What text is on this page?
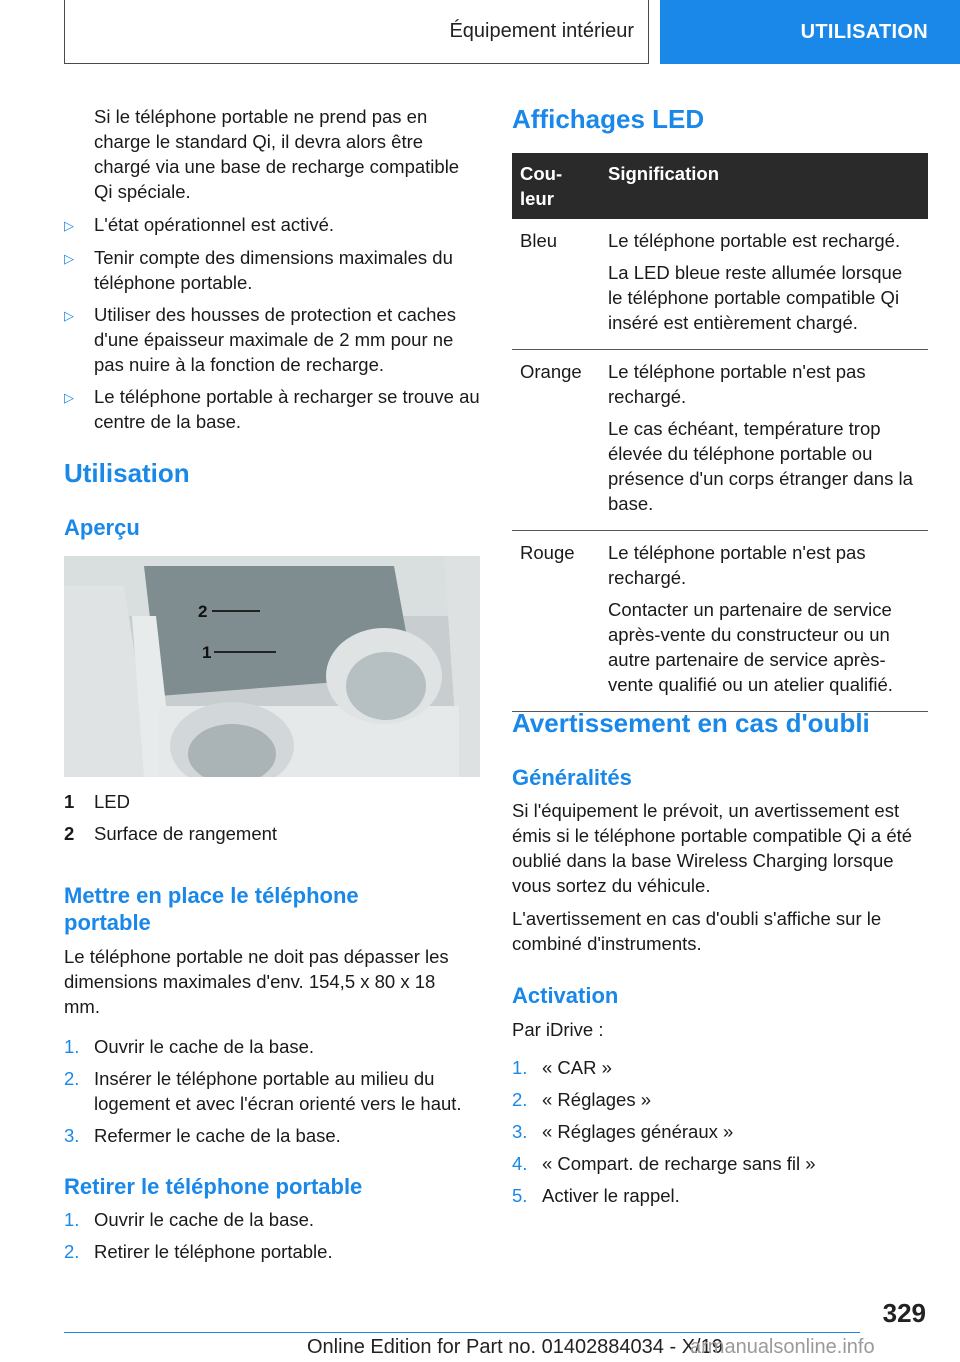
Équipement intérieur	UTILISATION

Si le téléphone portable ne prend pas en charge le standard Qi, il devra alors être chargé via une base de recharge compatible Qi spéciale.

▷	L'état opérationnel est activé.
▷	Tenir compte des dimensions maximales du téléphone portable.
▷	Utiliser des housses de protection et caches d'une épaisseur maximale de 2 mm pour ne pas nuire à la fonction de recharge.
▷	Le téléphone portable à recharger se trouve au centre de la base.
Utilisation
Aperçu
2
1
1	LED
2	Surface de rangement
Mettre en place le téléphone portable

Le téléphone portable ne doit pas dépasser les dimensions maximales d'env. 154,5 x 80 x 18 mm.

1. Ouvrir le cache de la base.
2. Insérer le téléphone portable au milieu du logement et avec l'écran orienté vers le haut.
3. Refermer le cache de la base.
Retirer le téléphone portable
1. Ouvrir le cache de la base.
2. Retirer le téléphone portable.
Affichages LED
Cou-leur	Signification
Bleu	Le téléphone portable est rechargé.

La LED bleue reste allumée lorsque le téléphone portable compatible Qi inséré est entièrement chargé.

Orange	Le téléphone portable n'est pas rechargé.

Le cas échéant, température trop élevée du téléphone portable ou présence d'un corps étranger dans la base.

Rouge	Le téléphone portable n'est pas rechargé.

Contacter un partenaire de service après-vente du constructeur ou un autre partenaire de service après-vente qualifié ou un atelier qualifié.

Avertissement en cas d'oubli
Généralités

Si l'équipement le prévoit, un avertissement est émis si le téléphone portable compatible Qi a été oublié dans la base Wireless Charging lorsque vous sortez du véhicule.

L'avertissement en cas d'oubli s'affiche sur le combiné d'instruments.

Activation

Par iDrive :

1. « CAR »
2. « Réglages »
3. « Réglages généraux »
4. « Compart. de recharge sans fil »
5. Activer le rappel.
329
Online Edition for Part no. 01402884034 - X/19
armanualsonline.info
